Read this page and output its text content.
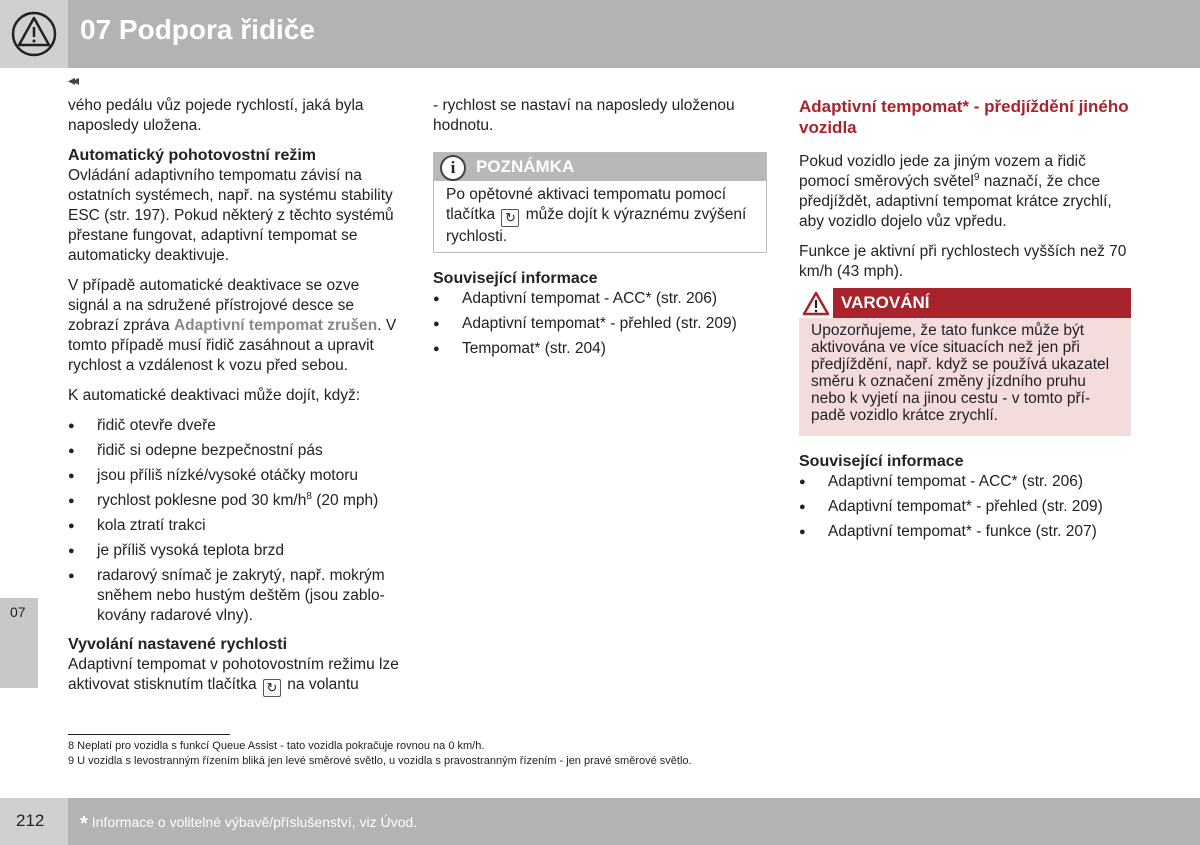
07 Podpora řidiče
◂◂
07

vého pedálu vůz pojede rychlostí, jaká byla naposledy uložena.

Automatický pohotovostní režim

Ovládání adaptivního tempomatu závisí na ostatních systémech, např. na systému stability ESC (str. 197). Pokud některý z těchto systémů přestane fungovat, adaptivní tempomat se automaticky deaktivuje.

V případě automatické deaktivace se ozve signál a na sdružené přístrojové desce se zobrazí zpráva Adaptivní tempomat zrušen. V tomto případě musí řidič zasáhnout a upravit rychlost a vzdálenost k vozu před sebou.

K automatické deaktivaci může dojít, když:

● řidič otevře dveře
● řidič si odepne bezpečnostní pás
● jsou příliš nízké/vysoké otáčky motoru
● rychlost poklesne pod 30 $km/h^8$ (20 mph)
● kola ztratí trakci
● je příliš vysoká teplota brzd
● radarový snímač je zakrytý, např. mokrým sněhem nebo hustým deštěm (jsou zablokovány radarové vlny).
Vyvolání nastavené rychlosti

Adaptivní tempomat v pohotovostním režimu lze aktivovat stisknutím tlačítka ↻ na volantu

- rychlost se nastaví na naposledy uloženou hodnotu.

i	POZNÁMKA
Po opětovné aktivaci tempomatu pomocí tlačítka ↻ může dojít k výraznému zvýšení rychlosti.
Související informace
● Adaptivní tempomat - ACC* (str. 206)
● Adaptivní tempomat* - přehled (str. 209)
● Tempomat* (str. 204)
Adaptivní tempomat* - předjíždění jiného vozidla

Pokud vozidlo jede za jiným vozem a řidič pomocí směrových světel$^9$ naznačí, že chce předjíždět, adaptivní tempomat krátce zrychlí, aby vozidlo dojelo vůz vpředu.

Funkce je aktivní při rychlostech vyšších než 70 km/h (43 mph).

VAROVÁNÍ
Upozorňujeme, že tato funkce může být aktivována ve více situacích než jen při předjíždění, např. když se používá ukazatel směru k označení změny jízdního pruhu nebo k vyjetí na jinou cestu - v tomto případě vozidlo krátce zrychlí.
Související informace
● Adaptivní tempomat - ACC* (str. 206)
● Adaptivní tempomat* - přehled (str. 209)
● Adaptivní tempomat* - funkce (str. 207)
8 Neplatí pro vozidla s funkcí Queue Assist - tato vozidla pokračuje rovnou na 0 km/h.
9 U vozidla s levostranným řízením bliká jen levé směrové světlo, u vozidla s pravostranným řízením - jen pravé směrové světlo.
212 * Informace o volitelné výbavě/příslušenství, viz Úvod.
